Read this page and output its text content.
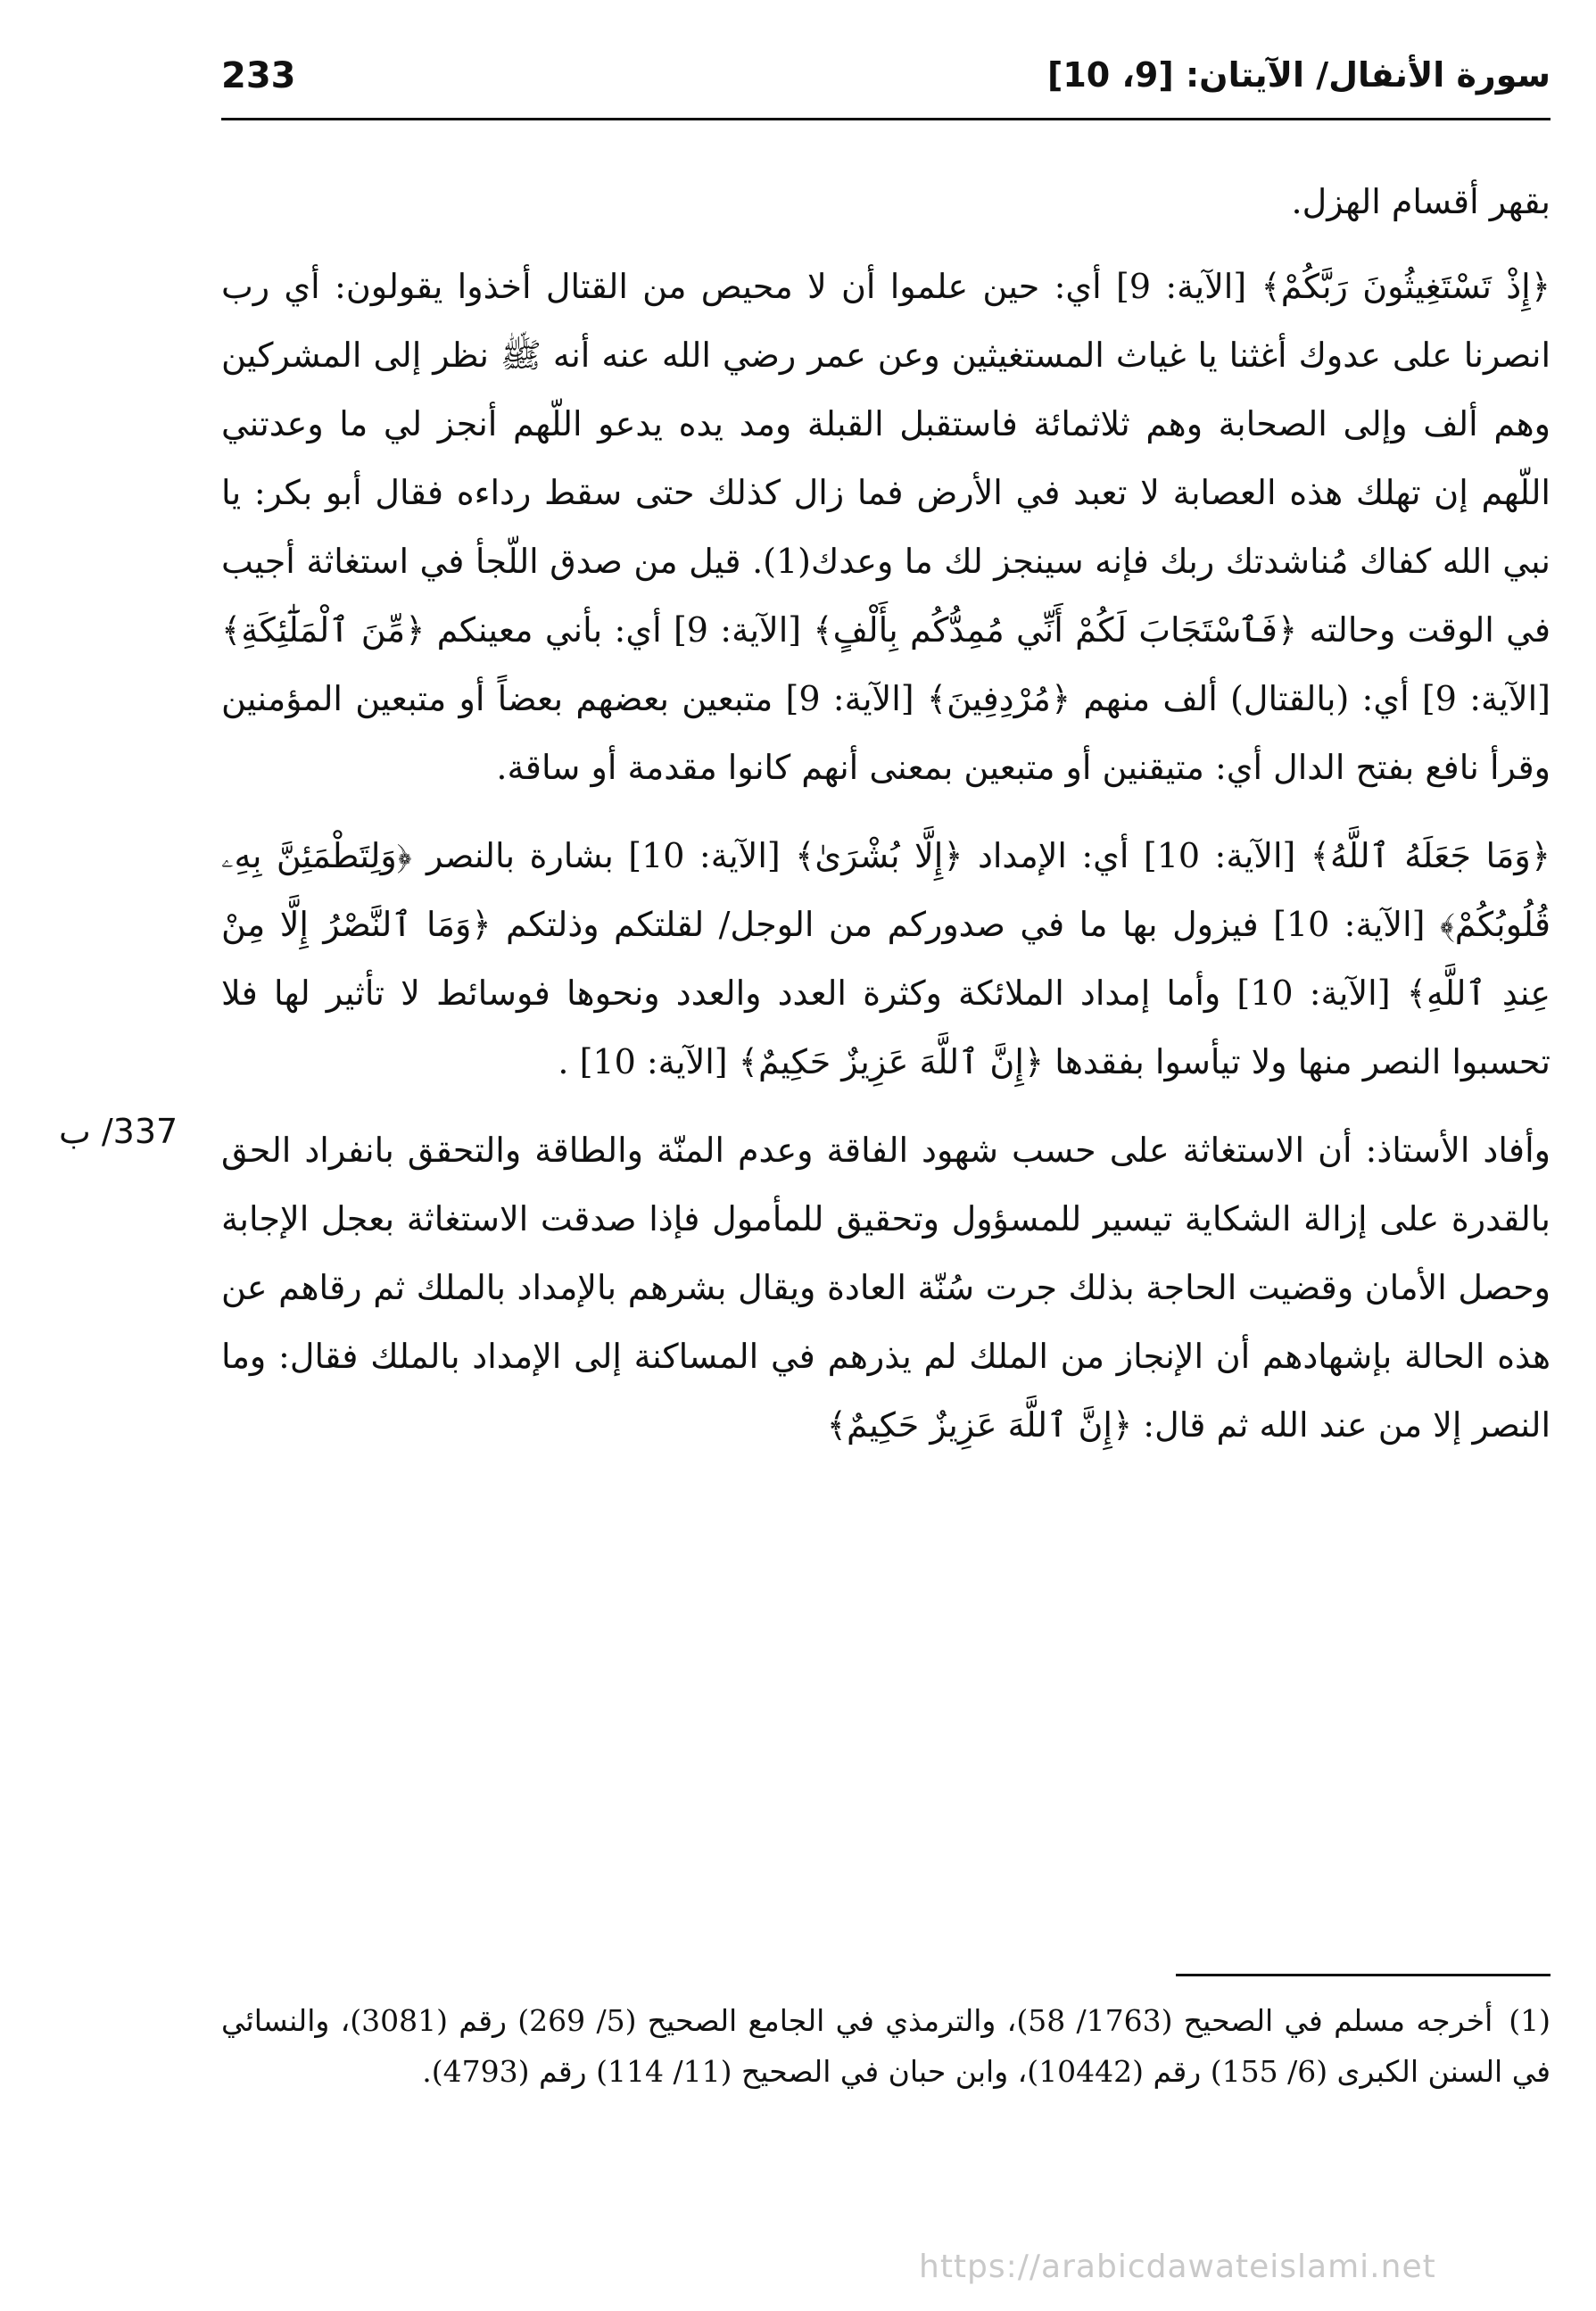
233	سورة الأنفال/ الآيتان: [9، 10]

بقهر أقسام الهزل.

﴿إِذْ تَسْتَغِيثُونَ رَبَّكُمْ﴾ [الآية: 9] أي: حين علموا أن لا محيص من القتال أخذوا يقولون: أي رب انصرنا على عدوك أغثنا يا غياث المستغيثين وعن عمر رضي الله عنه أنه ﷺ نظر إلى المشركين وهم ألف وإلى الصحابة وهم ثلاثمائة فاستقبل القبلة ومد يده يدعو اللّهم أنجز لي ما وعدتني اللّهم إن تهلك هذه العصابة لا تعبد في الأرض فما زال كذلك حتى سقط رداءه فقال أبو بكر: يا نبي الله كفاك مُناشدتك ربك فإنه سينجز لك ما وعدك(1). قيل من صدق اللّجأ في استغاثة أجيب في الوقت وحالته ﴿فَٱسْتَجَابَ لَكُمْ أَنِّي مُمِدُّكُم بِأَلْفٍ﴾ [الآية: 9] أي: بأني معينكم ﴿مِّنَ ٱلْمَلَٰٓئِكَةِ﴾ [الآية: 9] أي: (بالقتال) ألف منهم ﴿مُرْدِفِينَ﴾ [الآية: 9] متبعين بعضهم بعضاً أو متبعين المؤمنين وقرأ نافع بفتح الدال أي: متيقنين أو متبعين بمعنى أنهم كانوا مقدمة أو ساقة.

﴿وَمَا جَعَلَهُ ٱللَّهُ﴾ [الآية: 10] أي: الإمداد ﴿إِلَّا بُشْرَىٰ﴾ [الآية: 10] بشارة بالنصر ﴿وَلِتَطْمَئِنَّ بِهِۦ قُلُوبُكُمْ﴾ [الآية: 10] فيزول بها ما في صدوركم من الوجل/ لقلتكم وذلتكم ﴿وَمَا ٱلنَّصْرُ إِلَّا مِنْ عِندِ ٱللَّهِ﴾ [الآية: 10] وأما إمداد الملائكة وكثرة العدد والعدد ونحوها فوسائط لا تأثير لها فلا تحسبوا النصر منها ولا تيأسوا بفقدها ﴿إِنَّ ٱللَّهَ عَزِيزٌ حَكِيمٌ﴾ [الآية: 10] .

وأفاد الأستاذ: أن الاستغاثة على حسب شهود الفاقة وعدم المنّة والطاقة والتحقق بانفراد الحق بالقدرة على إزالة الشكاية تيسير للمسؤول وتحقيق للمأمول فإذا صدقت الاستغاثة بعجل الإجابة وحصل الأمان وقضيت الحاجة بذلك جرت سُنّة العادة ويقال بشرهم بالإمداد بالملك ثم رقاهم عن هذه الحالة بإشهادهم أن الإنجاز من الملك لم يذرهم في المساكنة إلى الإمداد بالملك فقال: وما النصر إلا من عند الله ثم قال: ﴿إِنَّ ٱللَّهَ عَزِيزٌ حَكِيمٌ﴾

337/ ب
(1)أخرجه مسلم في الصحيح (1763/ 58)، والترمذي في الجامع الصحيح (5/ 269) رقم (3081)، والنسائي في السنن الكبرى (6/ 155) رقم (10442)، وابن حبان في الصحيح (11/ 114) رقم (4793).
https://arabicdawateislami.net
